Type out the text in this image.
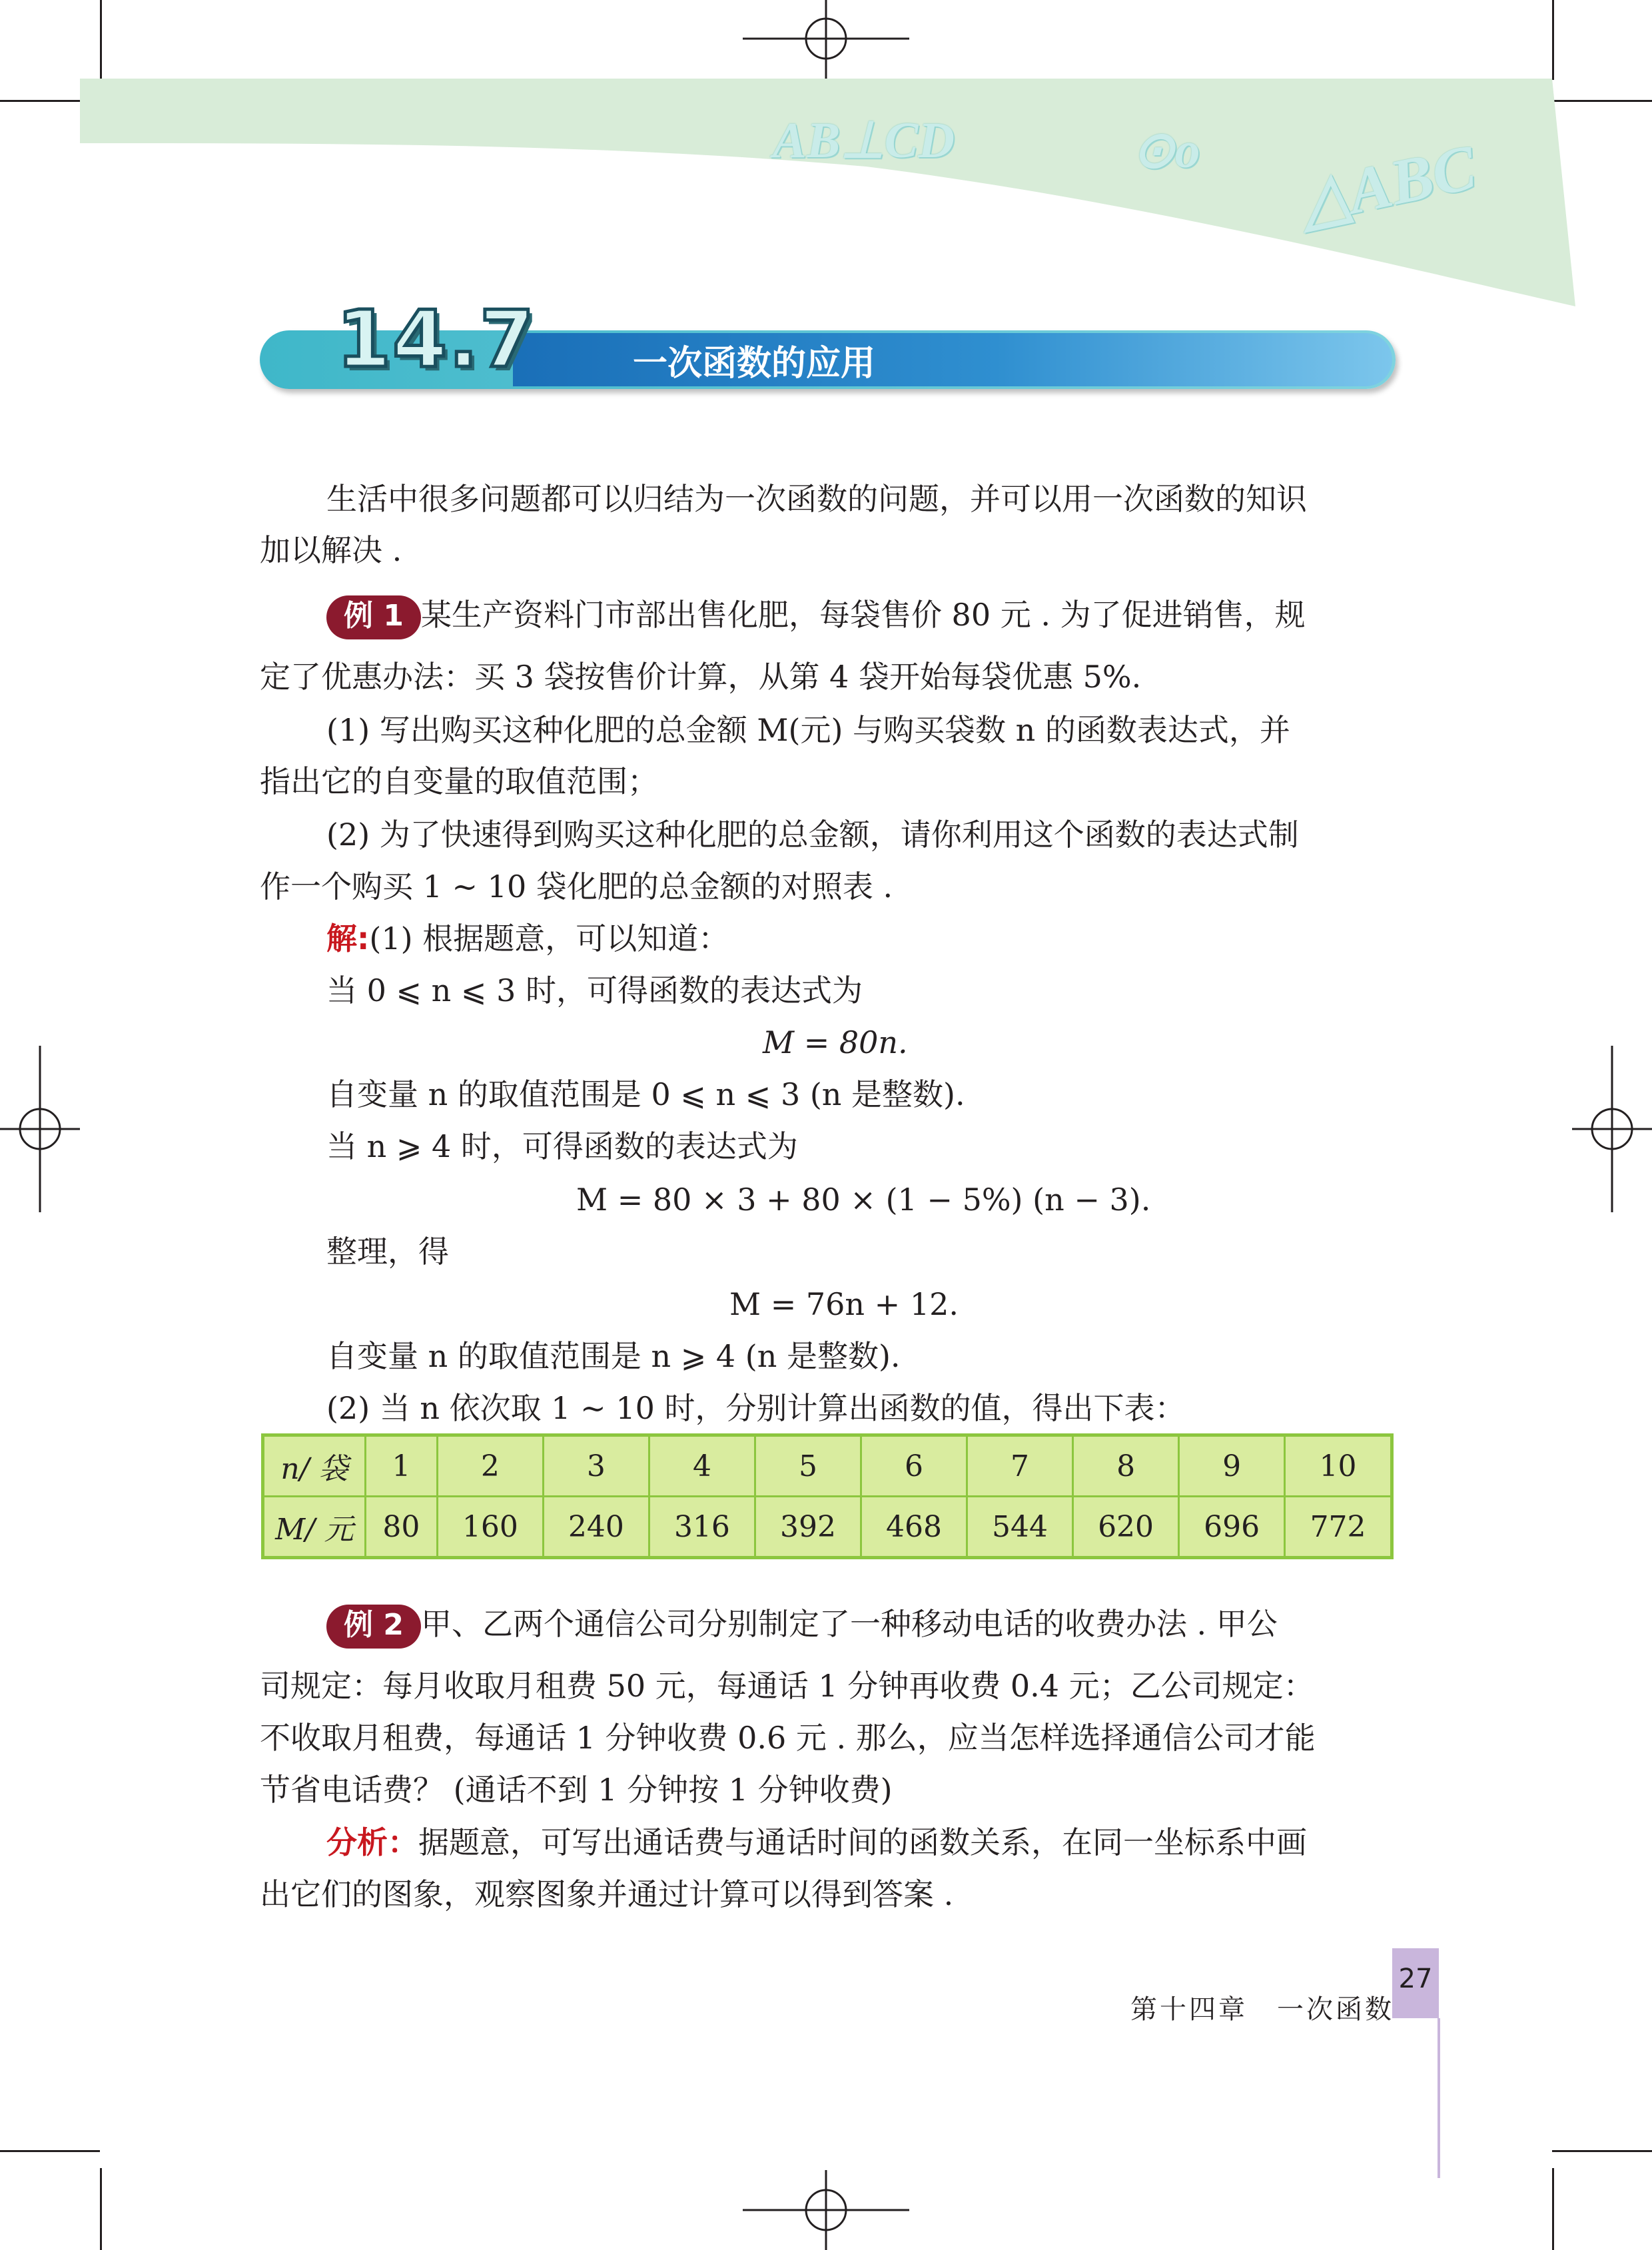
AB⊥CD	⊙o △ABC
14.7	一次函数的应用
生活中很多问题都可以归结为一次函数的问题，并可以用一次函数的知识
加以解决 .
例 1 某生产资料门市部出售化肥，每袋售价 80 元 . 为了促进销售，规
定了优惠办法：买 3 袋按售价计算，从第 4 袋开始每袋优惠 5%.
(1) 写出购买这种化肥的总金额 M(元) 与购买袋数 n 的函数表达式，并
指出它的自变量的取值范围；
(2) 为了快速得到购买这种化肥的总金额，请你利用这个函数的表达式制
作一个购买 1 ~ 10 袋化肥的总金额的对照表 .
解:(1) 根据题意，可以知道：
当 0 ⩽ n ⩽ 3 时，可得函数的表达式为
M = 80n.
自变量 n 的取值范围是 0 ⩽ n ⩽ 3 (n 是整数).
当 n ⩾ 4 时，可得函数的表达式为
M = 80 × 3 + 80 × (1 − 5%) (n − 3).
整理，得
M = 76n + 12.
自变量 n 的取值范围是 n ⩾ 4 (n 是整数).
(2) 当 n 依次取 1 ~ 10 时，分别计算出函数的值，得出下表：
n/ 袋	1	2	3	4	5	6	7	8	9	10
M/ 元	80	160	240	316	392	468	544	620	696	772
例 2 甲、乙两个通信公司分别制定了一种移动电话的收费办法 . 甲公
司规定：每月收取月租费 50 元，每通话 1 分钟再收费 0.4 元；乙公司规定：
不收取月租费，每通话 1 分钟收费 0.6 元 . 那么，应当怎样选择通信公司才能
节省电话费？ (通话不到 1 分钟按 1 分钟收费)
分析：据题意，可写出通话费与通话时间的函数关系，在同一坐标系中画
出它们的图象，观察图象并通过计算可以得到答案 .
27
第十四章　一次函数
